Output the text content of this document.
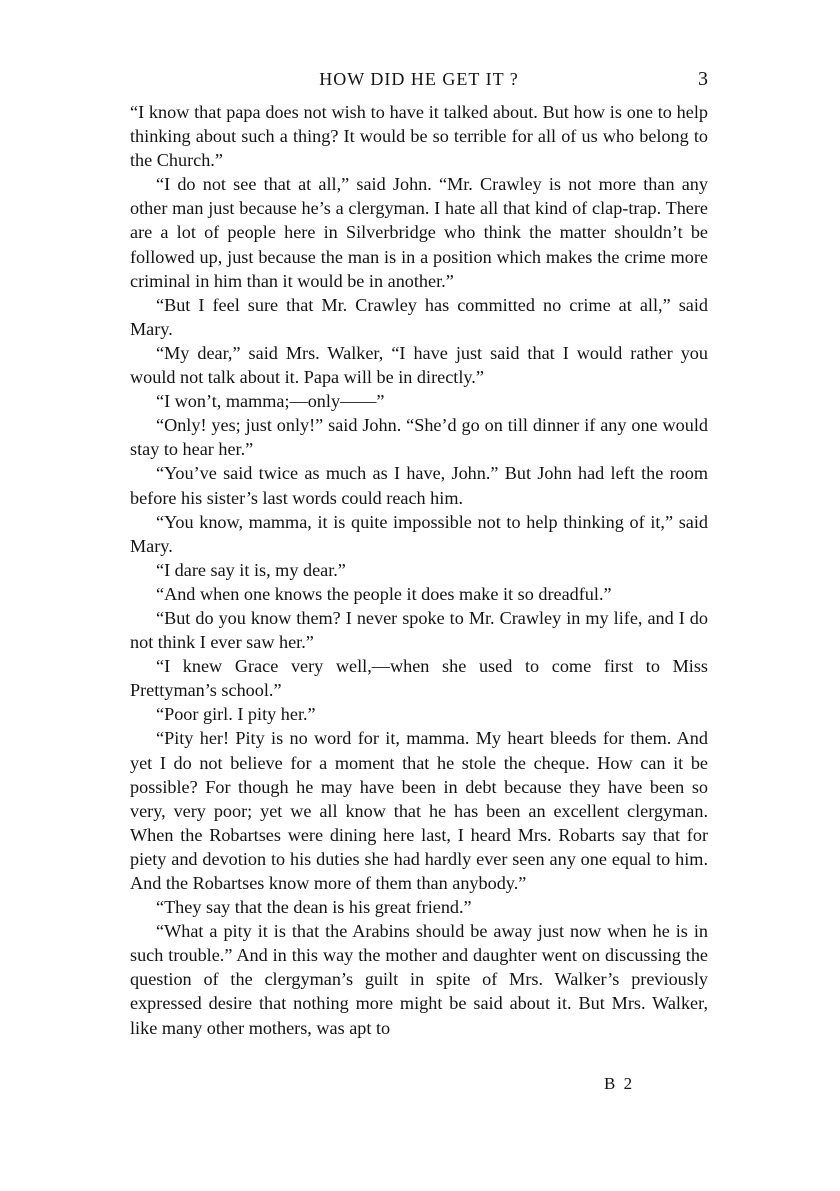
HOW DID HE GET IT ?	3

“I know that papa does not wish to have it talked about. But how is one to help thinking about such a thing? It would be so terrible for all of us who belong to the Church.”

“I do not see that at all,” said John. “Mr. Crawley is not more than any other man just because he’s a clergyman. I hate all that kind of clap-trap. There are a lot of people here in Silverbridge who think the matter shouldn’t be followed up, just because the man is in a position which makes the crime more criminal in him than it would be in another.”

“But I feel sure that Mr. Crawley has committed no crime at all,” said Mary.

“My dear,” said Mrs. Walker, “I have just said that I would rather you would not talk about it. Papa will be in directly.”

“I won’t, mamma;—only——”

“Only! yes; just only!” said John. “She’d go on till dinner if any one would stay to hear her.”

“You’ve said twice as much as I have, John.” But John had left the room before his sister’s last words could reach him.

“You know, mamma, it is quite impossible not to help thinking of it,” said Mary.

“I dare say it is, my dear.”

“And when one knows the people it does make it so dreadful.”

“But do you know them? I never spoke to Mr. Crawley in my life, and I do not think I ever saw her.”

“I knew Grace very well,—when she used to come first to Miss Prettyman’s school.”

“Poor girl. I pity her.”

“Pity her! Pity is no word for it, mamma. My heart bleeds for them. And yet I do not believe for a moment that he stole the cheque. How can it be possible? For though he may have been in debt because they have been so very, very poor; yet we all know that he has been an excellent clergyman. When the Robartses were dining here last, I heard Mrs. Robarts say that for piety and devotion to his duties she had hardly ever seen any one equal to him. And the Robartses know more of them than anybody.”

“They say that the dean is his great friend.”

“What a pity it is that the Arabins should be away just now when he is in such trouble.” And in this way the mother and daughter went on discussing the question of the clergyman’s guilt in spite of Mrs. Walker’s previously expressed desire that nothing more might be said about it. But Mrs. Walker, like many other mothers, was apt to

B 2
